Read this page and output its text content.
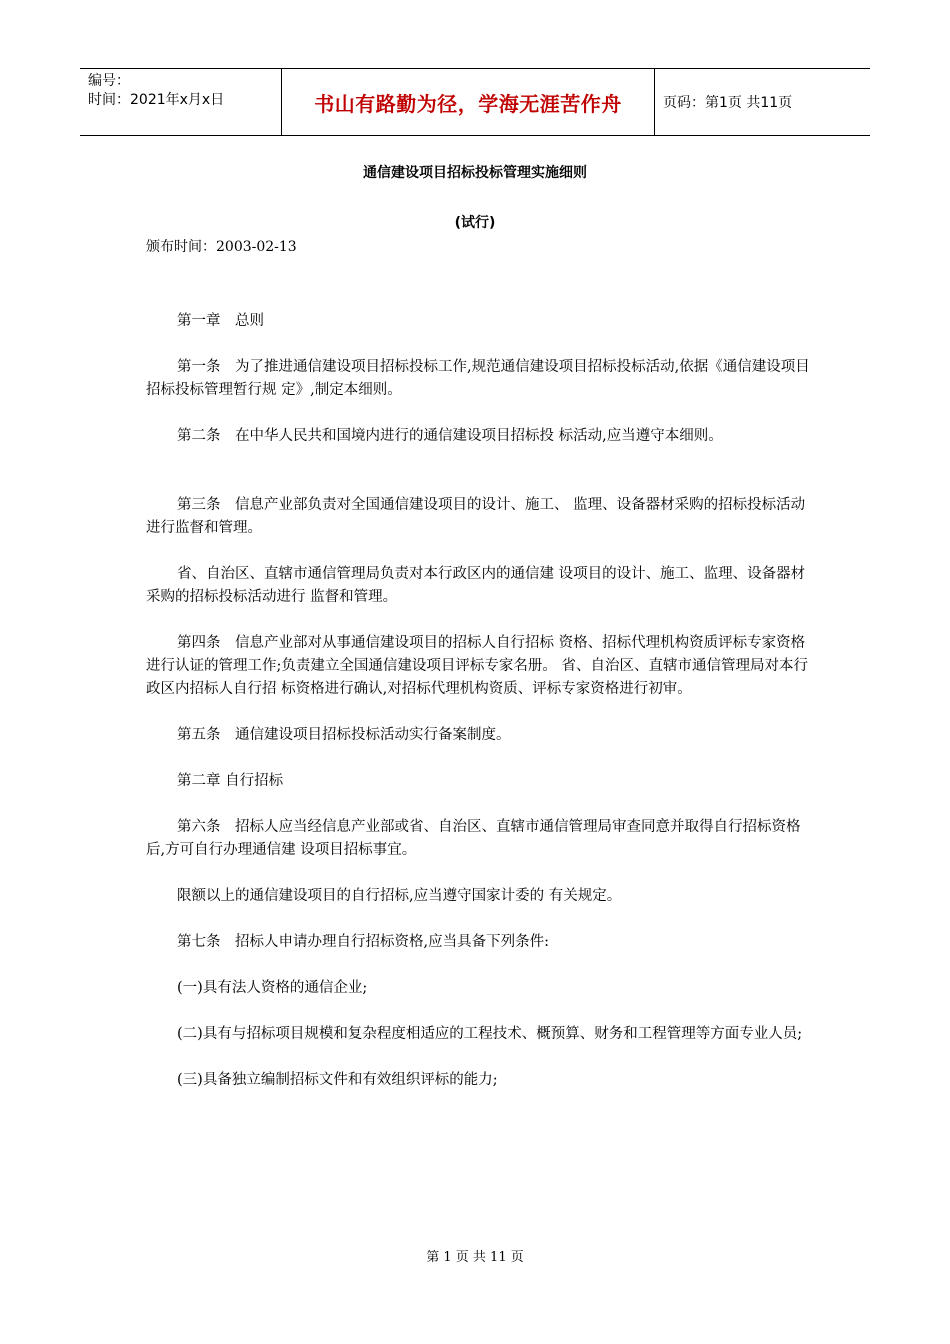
编号：
时间：2021年x月x日	书山有路勤为径，学海无涯苦作舟	页码：第1页 共11页
通信建设项目招标投标管理实施细则
(试行)
颁布时间：2003-02-13

第一章　总则

第一条　为了推进通信建设项目招标投标工作,规范通信建设项目招标投标活动,依据《通信建设项目招标投标管理暂行规 定》,制定本细则。

第二条　在中华人民共和国境内进行的通信建设项目招标投 标活动,应当遵守本细则。

第三条　信息产业部负责对全国通信建设项目的设计、施工、 监理、设备器材采购的招标投标活动进行监督和管理。

省、自治区、直辖市通信管理局负责对本行政区内的通信建 设项目的设计、施工、监理、设备器材采购的招标投标活动进行 监督和管理。

第四条　信息产业部对从事通信建设项目的招标人自行招标 资格、招标代理机构资质评标专家资格进行认证的管理工作;负责建立全国通信建设项目评标专家名册。 省、自治区、直辖市通信管理局对本行政区内招标人自行招 标资格进行确认,对招标代理机构资质、评标专家资格进行初审。

第五条　通信建设项目招标投标活动实行备案制度。

第二章 自行招标

第六条　招标人应当经信息产业部或省、自治区、直辖市通信管理局审查同意并取得自行招标资格后,方可自行办理通信建 设项目招标事宜。

限额以上的通信建设项目的自行招标,应当遵守国家计委的 有关规定。

第七条　招标人申请办理自行招标资格,应当具备下列条件:

(一)具有法人资格的通信企业;

(二)具有与招标项目规模和复杂程度相适应的工程技术、概预算、财务和工程管理等方面专业人员;

(三)具备独立编制招标文件和有效组织评标的能力;

第 1 页 共 11 页
